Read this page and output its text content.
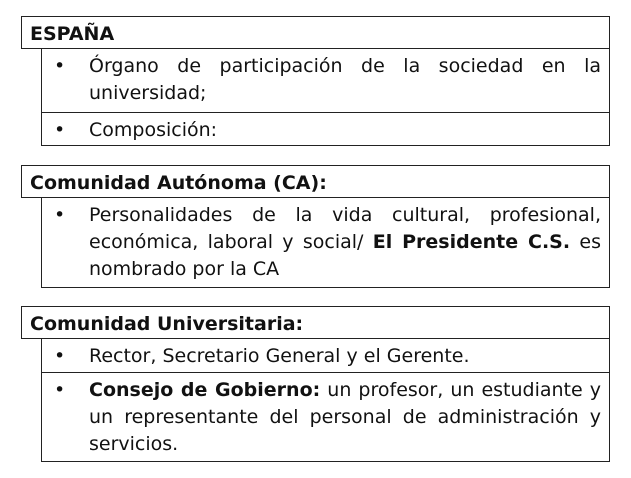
ESPAÑA
• Órgano de participación de la sociedad en la universidad;
• Composición:
Comunidad Autónoma (CA):
• Personalidades de la vida cultural, profesional, económica, laboral y social/ El Presidente C.S. es nombrado por la CA
Comunidad Universitaria:
• Rector, Secretario General y el Gerente.
• Consejo de Gobierno: un profesor, un estudiante y un representante del personal de administración y servicios.
